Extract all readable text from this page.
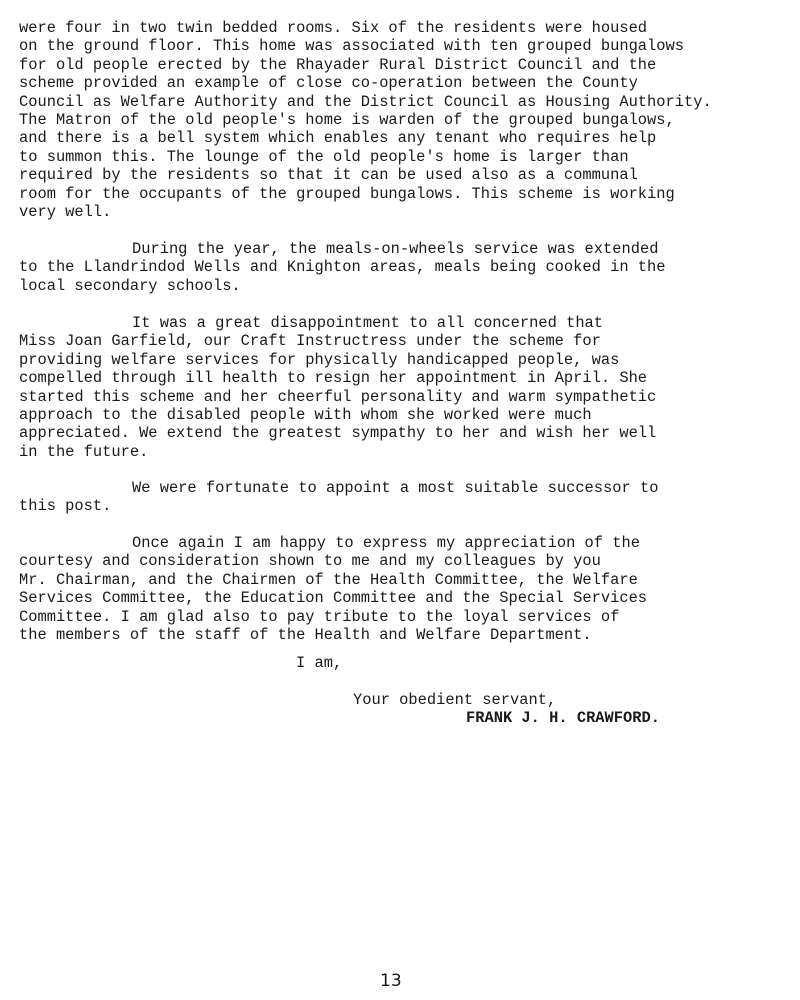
were four in two twin bedded rooms. Six of the residents were housed
on the ground floor. This home was associated with ten grouped bungalows
for old people erected by the Rhayader Rural District Council and the
scheme provided an example of close co-operation between the County
Council as Welfare Authority and the District Council as Housing Authority.
The Matron of the old people's home is warden of the grouped bungalows,
and there is a bell system which enables any tenant who requires help
to summon this. The lounge of the old people's home is larger than
required by the residents so that it can be used also as a communal
room for the occupants of the grouped bungalows. This scheme is working
very well.
During the year, the meals-on-wheels service was extended
to the Llandrindod Wells and Knighton areas, meals being cooked in the
local secondary schools.
It was a great disappointment to all concerned that
Miss Joan Garfield, our Craft Instructress under the scheme for
providing welfare services for physically handicapped people, was
compelled through ill health to resign her appointment in April. She
started this scheme and her cheerful personality and warm sympathetic
approach to the disabled people with whom she worked were much
appreciated. We extend the greatest sympathy to her and wish her well
in the future.
We were fortunate to appoint a most suitable successor to
this post.
Once again I am happy to express my appreciation of the
courtesy and consideration shown to me and my colleagues by you
Mr. Chairman, and the Chairmen of the Health Committee, the Welfare
Services Committee, the Education Committee and the Special Services
Committee. I am glad also to pay tribute to the loyal services of
the members of the staff of the Health and Welfare Department.

I am,

Your obedient servant,

FRANK J. H. CRAWFORD.

13
